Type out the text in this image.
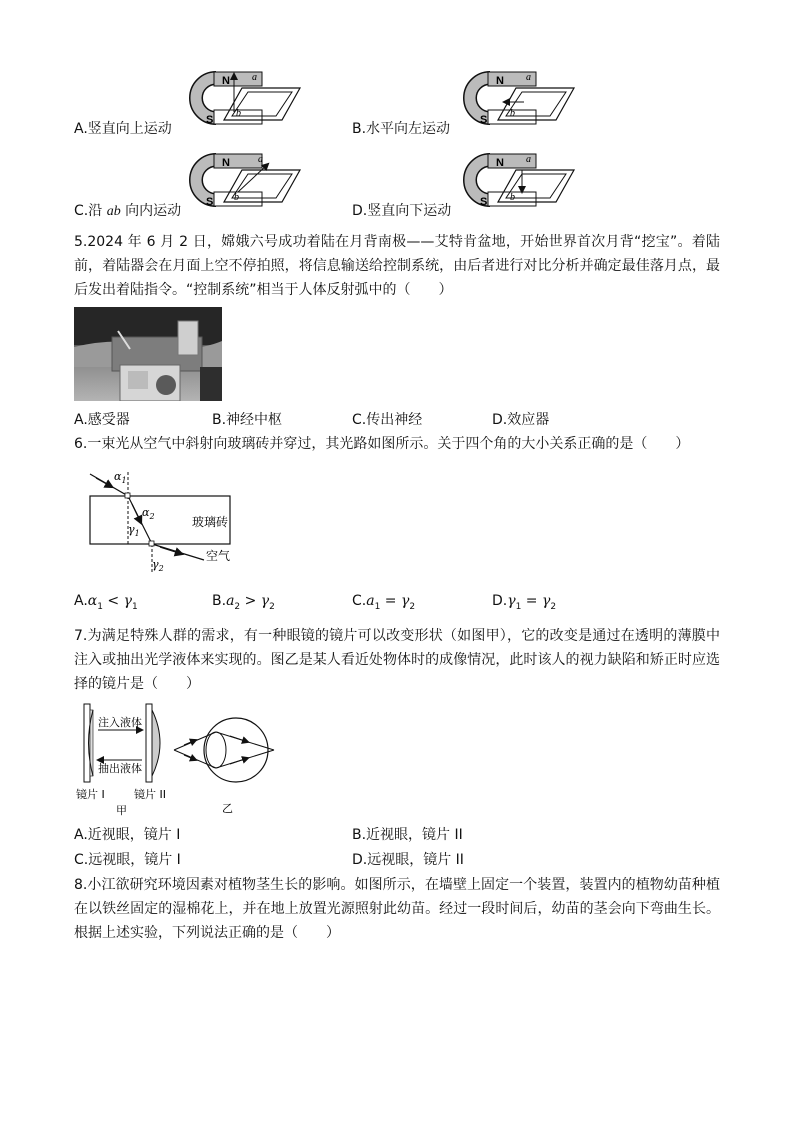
N
S
b
a
A.竖直向上运动
N
S
b
a
B.水平向左运动
N
S b
a
C.沿 ab 向内运动
N
S b
a
D.竖直向下运动
5.2024 年 6 月 2 日，嫦娥六号成功着陆在月背南极——艾特肯盆地，开始世界首次月背“挖宝”。着陆前，着陆器会在月面上空不停拍照，将信息输送给控制系统，由后者进行对比分析并确定最佳落月点，最后发出着陆指令。“控制系统”相当于人体反射弧中的（　　）
A.感受器	B.神经中枢	C.传出神经	D.效应器
6.一束光从空气中斜射向玻璃砖并穿过，其光路如图所示。关于四个角的大小关系正确的是（　　）
$\alpha_1$
$\alpha_2$
$\gamma_1$
$\gamma_2$
玻璃砖
空气
$A.\alpha_1 < \gamma_1$	$B.a_2 > \gamma_2$	$C.a_1 = \gamma_2$	$D.\gamma_1 = \gamma_2$
7.为满足特殊人群的需求，有一种眼镜的镜片可以改变形状（如图甲），它的改变是通过在透明的薄膜中注入或抽出光学液体来实现的。图乙是某人看近处物体时的成像情况，此时该人的视力缺陷和矫正时应选择的镜片是（　　）
注入液体
抽出液体
镜片 I	镜片 II
甲	乙
A.近视眼，镜片 I	B.近视眼，镜片 II
C.远视眼，镜片 I	D.远视眼，镜片 II
8.小江欲研究环境因素对植物茎生长的影响。如图所示，在墙壁上固定一个装置，装置内的植物幼苗种植在以铁丝固定的湿棉花上，并在地上放置光源照射此幼苗。经过一段时间后，幼苗的茎会向下弯曲生长。根据上述实验，下列说法正确的是（　　）
